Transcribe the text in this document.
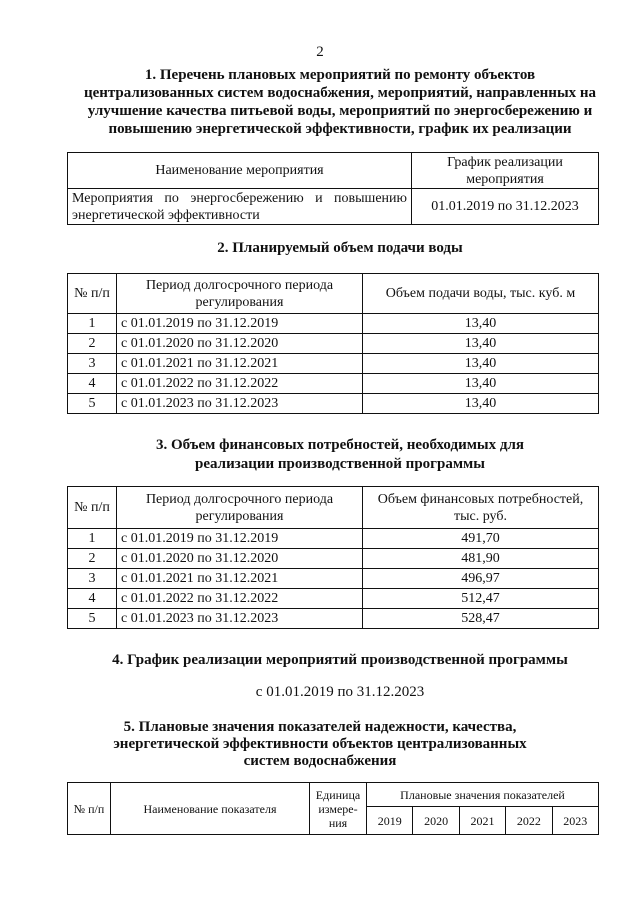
2
1. Перечень плановых мероприятий по ремонту объектов
централизованных систем водоснабжения, мероприятий, направленных на
улучшение качества питьевой воды, мероприятий по энергосбережению и
повышению энергетической эффективности, график их реализации
Наименование мероприятия	График реализации мероприятия
Мероприятия по энергосбережению и повышению энергетической эффективности	01.01.2019 по 31.12.2023
2. Планируемый объем подачи воды
№ п/п	Период долгосрочного периода регулирования	Объем подачи воды, тыс. куб. м
1	с 01.01.2019 по 31.12.2019	13,40
2	с 01.01.2020 по 31.12.2020	13,40
3	с 01.01.2021 по 31.12.2021	13,40
4	с 01.01.2022 по 31.12.2022	13,40
5	с 01.01.2023 по 31.12.2023	13,40
3. Объем финансовых потребностей, необходимых для
реализации производственной программы
№ п/п	Период долгосрочного периода регулирования	Объем финансовых потребностей, тыс. руб.
1	с 01.01.2019 по 31.12.2019	491,70
2	с 01.01.2020 по 31.12.2020	481,90
3	с 01.01.2021 по 31.12.2021	496,97
4	с 01.01.2022 по 31.12.2022	512,47
5	с 01.01.2023 по 31.12.2023	528,47
4. График реализации мероприятий производственной программы
с 01.01.2019 по 31.12.2023
5. Плановые значения показателей надежности, качества,
энергетической эффективности объектов централизованных
систем водоснабжения
№ п/п	Наименование показателя	Единица измере-ния	Плановые значения показателей				
			2019	2020	2021	2022	2023
